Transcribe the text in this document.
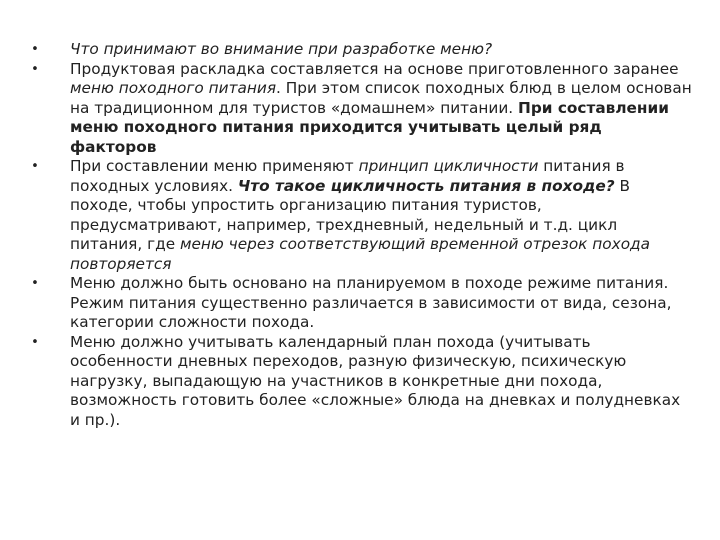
• Что принимают во внимание при разработке меню?
• Продуктовая раскладка составляется на основе приготовленного заранее меню походного питания. При этом список походных блюд в целом основан на традиционном для туристов «домашнем» питании. При составлении меню походного питания приходится учитывать целый ряд факторов
• При составлении меню применяют принцип цикличности питания в походных условиях. Что такое цикличность питания в походе? В походе, чтобы упростить организацию питания туристов, предусматривают, например, трехдневный, недельный и т.д. цикл питания, где меню через соответствующий временной отрезок похода повторяется
• Меню должно быть основано на планируемом в походе режиме питания. Режим питания существенно различается в зависимости от вида, сезона, категории сложности похода.
• Меню должно учитывать календарный план похода (учитывать особенности дневных переходов, разную физическую, психическую нагрузку, выпадающую на участников в конкретные дни похода, возможность готовить более «сложные» блюда на дневках и полудневках и пр.).
